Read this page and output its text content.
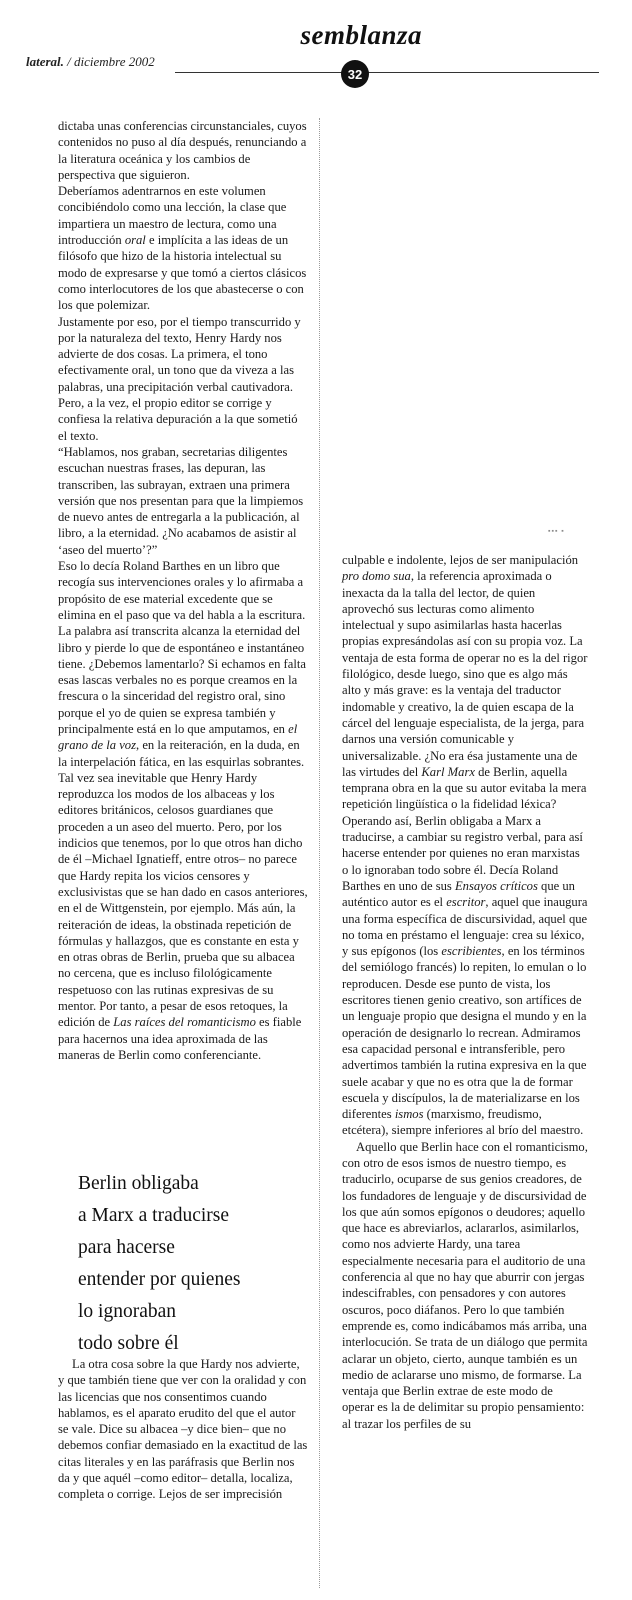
semblanza
lateral. / diciembre 2002
32
▪▪▪ ▪

dictaba unas conferencias circunstanciales, cuyos contenidos no puso al día después, renunciando a la literatura oceánica y los cambios de perspectiva que siguieron.

Deberíamos adentrarnos en este volumen concibiéndolo como una lección, la clase que impartiera un maestro de lectura, como una introducción oral e implícita a las ideas de un filósofo que hizo de la historia intelectual su modo de expresarse y que tomó a ciertos clásicos como interlocutores de los que abastecerse o con los que polemizar.

Justamente por eso, por el tiempo transcurrido y por la naturaleza del texto, Henry Hardy nos advierte de dos cosas. La primera, el tono efectivamente oral, un tono que da viveza a las palabras, una precipitación verbal cautivadora. Pero, a la vez, el propio editor se corrige y confiesa la relativa depuración a la que sometió el texto.

“Hablamos, nos graban, secretarias diligentes escuchan nuestras frases, las depuran, las transcriben, las subrayan, extraen una primera versión que nos presentan para que la limpiemos de nuevo antes de entregarla a la publicación, al libro, a la eternidad. ¿No acabamos de asistir al ‘aseo del muerto’?”

Eso lo decía Roland Barthes en un libro que recogía sus intervenciones orales y lo afirmaba a propósito de ese material excedente que se elimina en el paso que va del habla a la escritura. La palabra así transcrita alcanza la eternidad del libro y pierde lo que de espontáneo e instantáneo tiene. ¿Debemos lamentarlo? Si echamos en falta esas lascas verbales no es porque creamos en la frescura o la sinceridad del registro oral, sino porque el yo de quien se expresa también y principalmente está en lo que amputamos, en el grano de la voz, en la reiteración, en la duda, en la interpelación fática, en las esquirlas sobrantes. Tal vez sea inevitable que Henry Hardy reproduzca los modos de los albaceas y los editores británicos, celosos guardianes que proceden a un aseo del muerto. Pero, por los indicios que tenemos, por lo que otros han dicho de él –Michael Ignatieff, entre otros– no parece que Hardy repita los vicios censores y exclusivistas que se han dado en casos anteriores, en el de Wittgenstein, por ejemplo. Más aún, la reiteración de ideas, la obstinada repetición de fórmulas y hallazgos, que es constante en esta y en otras obras de Berlin, prueba que su albacea no cercena, que es incluso filológicamente respetuoso con las rutinas expresivas de su mentor. Por tanto, a pesar de esos retoques, la edición de Las raíces del romanticismo es fiable para hacernos una idea aproximada de las maneras de Berlin como conferenciante.

Berlin obligaba
a Marx a traducirse
para hacerse
entender por quienes
lo ignoraban
todo sobre él

La otra cosa sobre la que Hardy nos advierte, y que también tiene que ver con la oralidad y con las licencias que nos consentimos cuando hablamos, es el aparato erudito del que el autor se vale. Dice su albacea –y dice bien– que no debemos confiar demasiado en la exactitud de las citas literales y en las paráfrasis que Berlin nos da y que aquél –como editor– detalla, localiza, completa o corrige. Lejos de ser imprecisión

culpable e indolente, lejos de ser manipulación pro domo sua, la referencia aproximada o inexacta da la talla del lector, de quien aprovechó sus lecturas como alimento intelectual y supo asimilarlas hasta hacerlas propias expresándolas así con su propia voz. La ventaja de esta forma de operar no es la del rigor filológico, desde luego, sino que es algo más alto y más grave: es la ventaja del traductor indomable y creativo, la de quien escapa de la cárcel del lenguaje especialista, de la jerga, para darnos una versión comunicable y universalizable. ¿No era ésa justamente una de las virtudes del Karl Marx de Berlin, aquella temprana obra en la que su autor evitaba la mera repetición lingüística o la fidelidad léxica? Operando así, Berlin obligaba a Marx a traducirse, a cambiar su registro verbal, para así hacerse entender por quienes no eran marxistas o lo ignoraban todo sobre él. Decía Roland Barthes en uno de sus Ensayos críticos que un auténtico autor es el escritor, aquel que inaugura una forma específica de discursividad, aquel que no toma en préstamo el lenguaje: crea su léxico, y sus epígonos (los escribientes, en los términos del semiólogo francés) lo repiten, lo emulan o lo reproducen. Desde ese punto de vista, los escritores tienen genio creativo, son artífices de un lenguaje propio que designa el mundo y en la operación de designarlo lo recrean. Admiramos esa capacidad personal e intransferible, pero advertimos también la rutina expresiva en la que suele acabar y que no es otra que la de formar escuela y discípulos, la de materializarse en los diferentes ismos (marxismo, freudismo, etcétera), siempre inferiores al brío del maestro.

Aquello que Berlin hace con el romanticismo, con otro de esos ismos de nuestro tiempo, es traducirlo, ocuparse de sus genios creadores, de los fundadores de lenguaje y de discursividad de los que aún somos epígonos o deudores; aquello que hace es abreviarlos, aclararlos, asimilarlos, como nos advierte Hardy, una tarea especialmente necesaria para el auditorio de una conferencia al que no hay que aburrir con jergas indescifrables, con pensadores y con autores oscuros, poco diáfanos. Pero lo que también emprende es, como indicábamos más arriba, una interlocución. Se trata de un diálogo que permita aclarar un objeto, cierto, aunque también es un medio de aclararse uno mismo, de formarse. La ventaja que Berlin extrae de este modo de operar es la de delimitar su propio pensamiento: al trazar los perfiles de su
